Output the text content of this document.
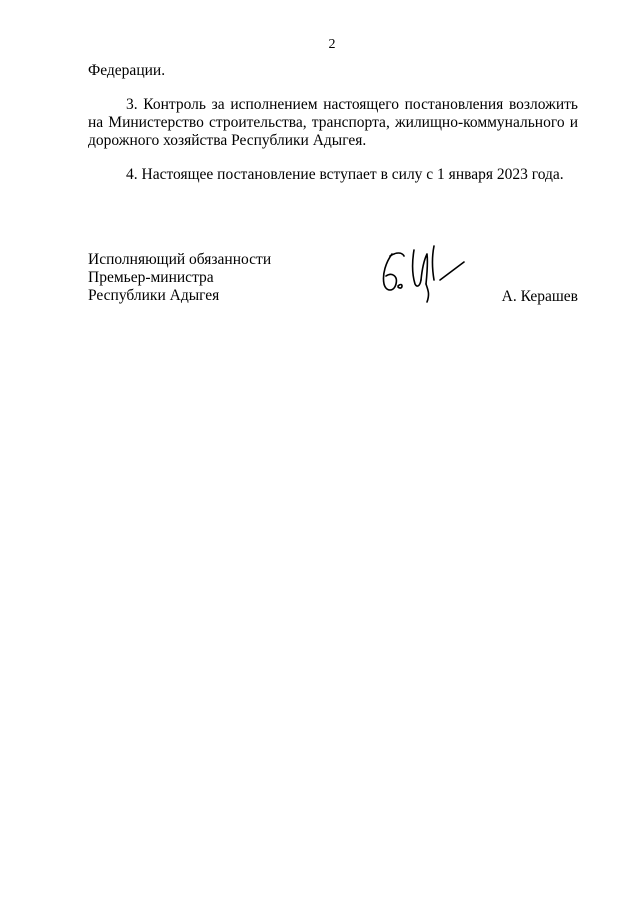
2
Федерации.
3. Контроль за исполнением настоящего постановления возложить на Министерство строительства, транспорта, жилищно-коммунального и дорожного хозяйства Республики Адыгея.
4. Настоящее постановление вступает в силу с 1 января 2023 года.
Исполняющий обязанности
Премьер-министра
Республики Адыгея	А. Керашев
